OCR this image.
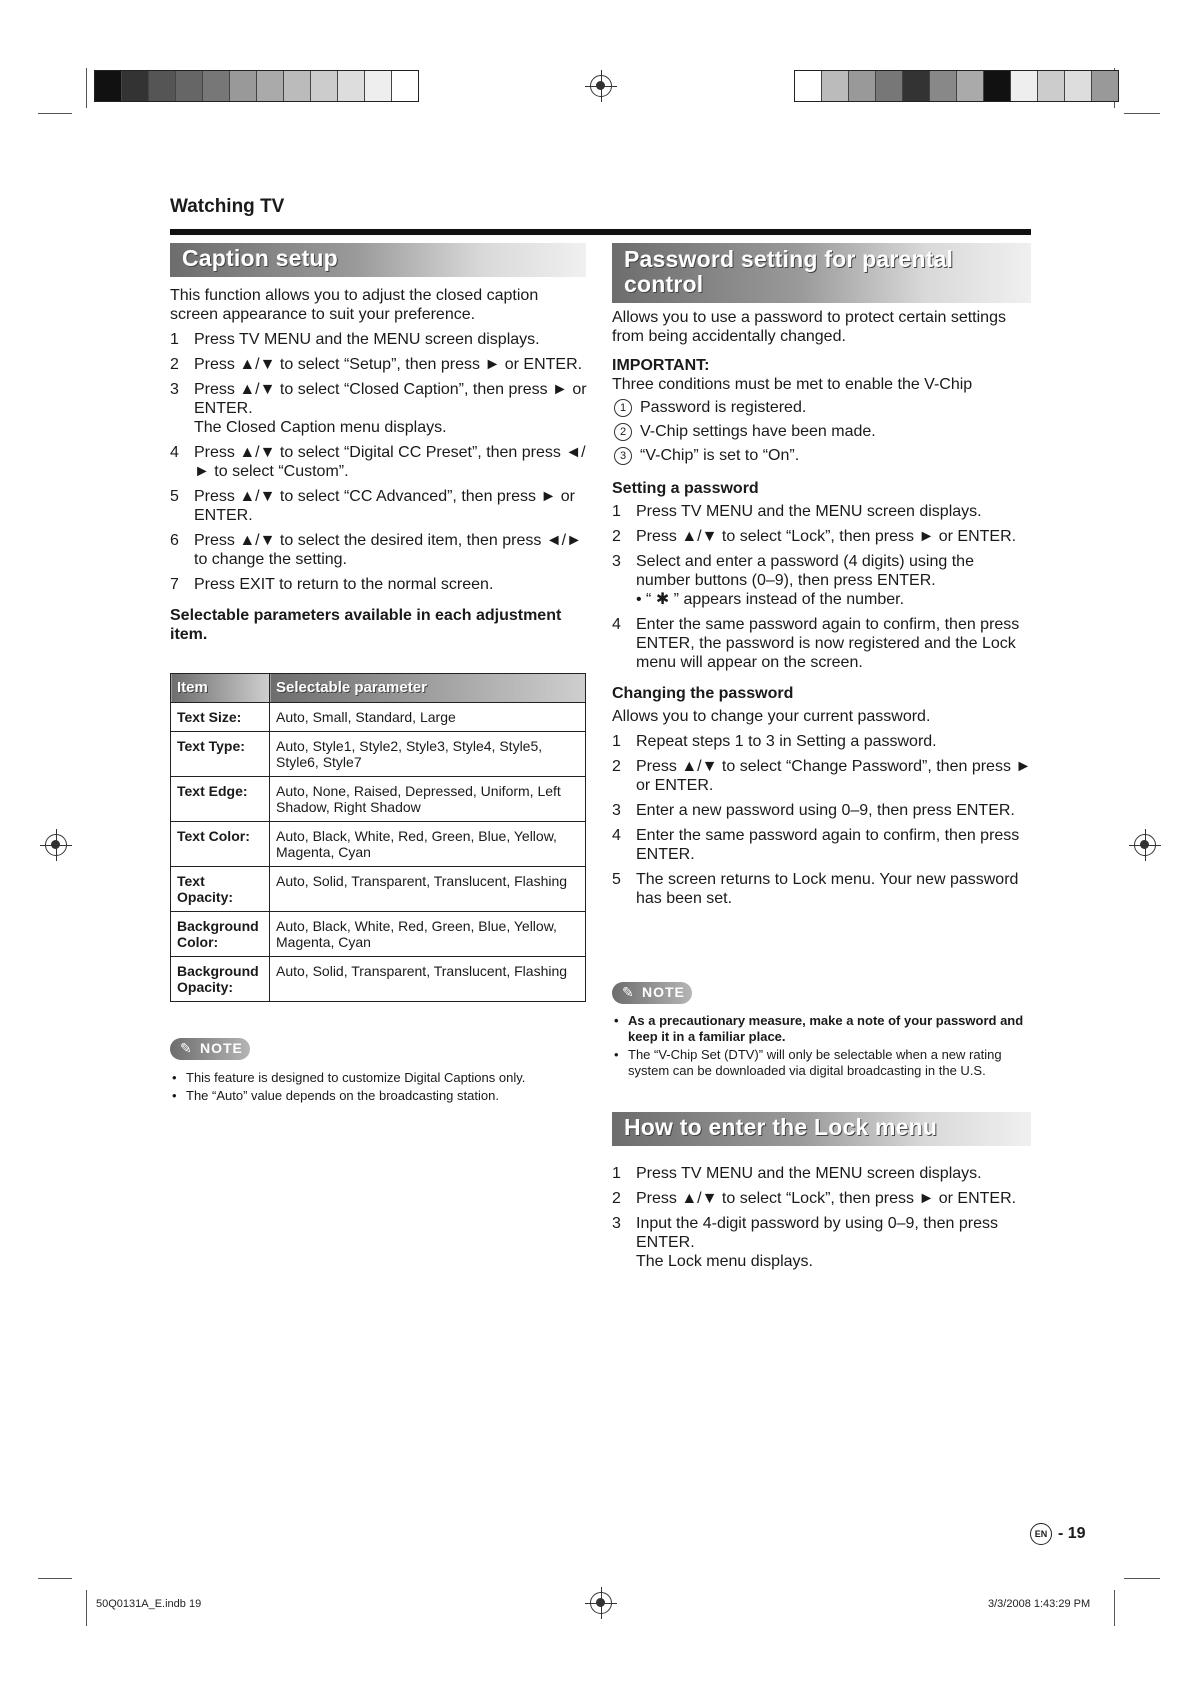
Watching TV
Caption setup

This function allows you to adjust the closed caption screen appearance to suit your preference.

1 Press TV MENU and the MENU screen displays.
2 Press ▲/▼ to select “Setup”, then press ► or ENTER.
3 Press ▲/▼ to select “Closed Caption”, then press ► or ENTER.
The Closed Caption menu displays.
4 Press ▲/▼ to select “Digital CC Preset”, then press ◄/► to select “Custom”.
5 Press ▲/▼ to select “CC Advanced”, then press ► or ENTER.
6 Press ▲/▼ to select the desired item, then press ◄/► to change the setting.
7 Press EXIT to return to the normal screen.
Selectable parameters available in each adjustment item.
Item	Selectable parameter
Text Size:	Auto, Small, Standard, Large
Text Type:	Auto, Style1, Style2, Style3, Style4, Style5, Style6, Style7
Text Edge:	Auto, None, Raised, Depressed, Uniform, Left Shadow, Right Shadow
Text Color:	Auto, Black, White, Red, Green, Blue, Yellow, Magenta, Cyan
Text Opacity:	Auto, Solid, Transparent, Translucent, Flashing
Background Color:	Auto, Black, White, Red, Green, Blue, Yellow, Magenta, Cyan
Background Opacity:	Auto, Solid, Transparent, Translucent, Flashing
✎ NOTE
• This feature is designed to customize Digital Captions only.
• The “Auto” value depends on the broadcasting station.
Password setting for parental
control

Allows you to use a password to protect certain settings from being accidentally changed.

IMPORTANT:
Three conditions must be met to enable the V-Chip
1 Password is registered.
2 V-Chip settings have been made.
3 “V-Chip” is set to “On”.
Setting a password
1 Press TV MENU and the MENU screen displays.
2 Press ▲/▼ to select “Lock”, then press ► or ENTER.
3 Select and enter a password (4 digits) using the number buttons (0–9), then press ENTER.
• “ ✱ ” appears instead of the number.
4 Enter the same password again to confirm, then press ENTER, the password is now registered and the Lock menu will appear on the screen.
Changing the password
Allows you to change your current password.
1 Repeat steps 1 to 3 in Setting a password.
2 Press ▲/▼ to select “Change Password”, then press ► or ENTER.
3 Enter a new password using 0–9, then press ENTER.
4 Enter the same password again to confirm, then press ENTER.
5 The screen returns to Lock menu. Your new password has been set.
✎ NOTE
• As a precautionary measure, make a note of your password and keep it in a familiar place.
• The “V-Chip Set (DTV)” will only be selectable when a new rating system can be downloaded via digital broadcasting in the U.S.
How to enter the Lock menu
1 Press TV MENU and the MENU screen displays.
2 Press ▲/▼ to select “Lock”, then press ► or ENTER.
3 Input the 4-digit password by using 0–9, then press ENTER.
The Lock menu displays.
EN - 19
50Q0131A_E.indb 19	3/3/2008 1:43:29 PM
